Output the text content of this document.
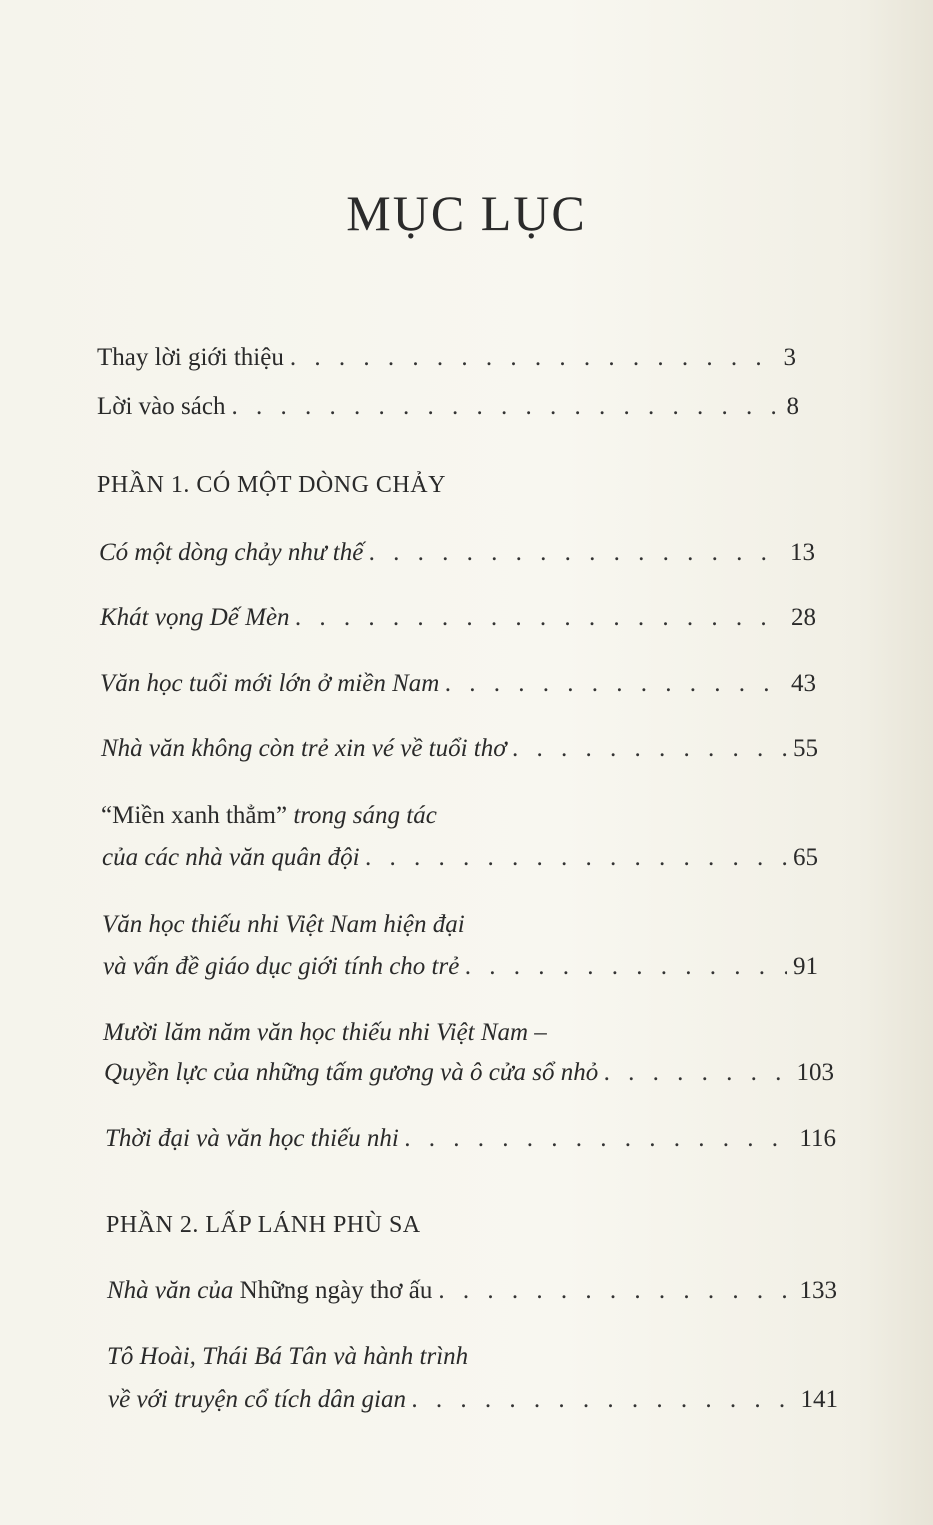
MỤC LỤC
Thay lời giới thiệu . . .	3
Lời vào sách . . .	8
PHẦN 1. CÓ MỘT DÒNG CHẢY
Có một dòng chảy như thế . . .	13
Khát vọng Dế Mèn . . .	28
Văn học tuổi mới lớn ở miền Nam . . .	43
Nhà văn không còn trẻ xin vé về tuổi thơ . . .	55
“Miền xanh thẳm” trong sáng tác
của các nhà văn quân đội . . .	65
Văn học thiếu nhi Việt Nam hiện đại
và vấn đề giáo dục giới tính cho trẻ . . .	91
Mười lăm năm văn học thiếu nhi Việt Nam –
Quyền lực của những tấm gương và ô cửa sổ nhỏ . . .	103
Thời đại và văn học thiếu nhi . . .	116
PHẦN 2. LẤP LÁNH PHÙ SA
Nhà văn của Những ngày thơ ấu . . .	133
Tô Hoài, Thái Bá Tân và hành trình
về với truyện cổ tích dân gian . . .	141
